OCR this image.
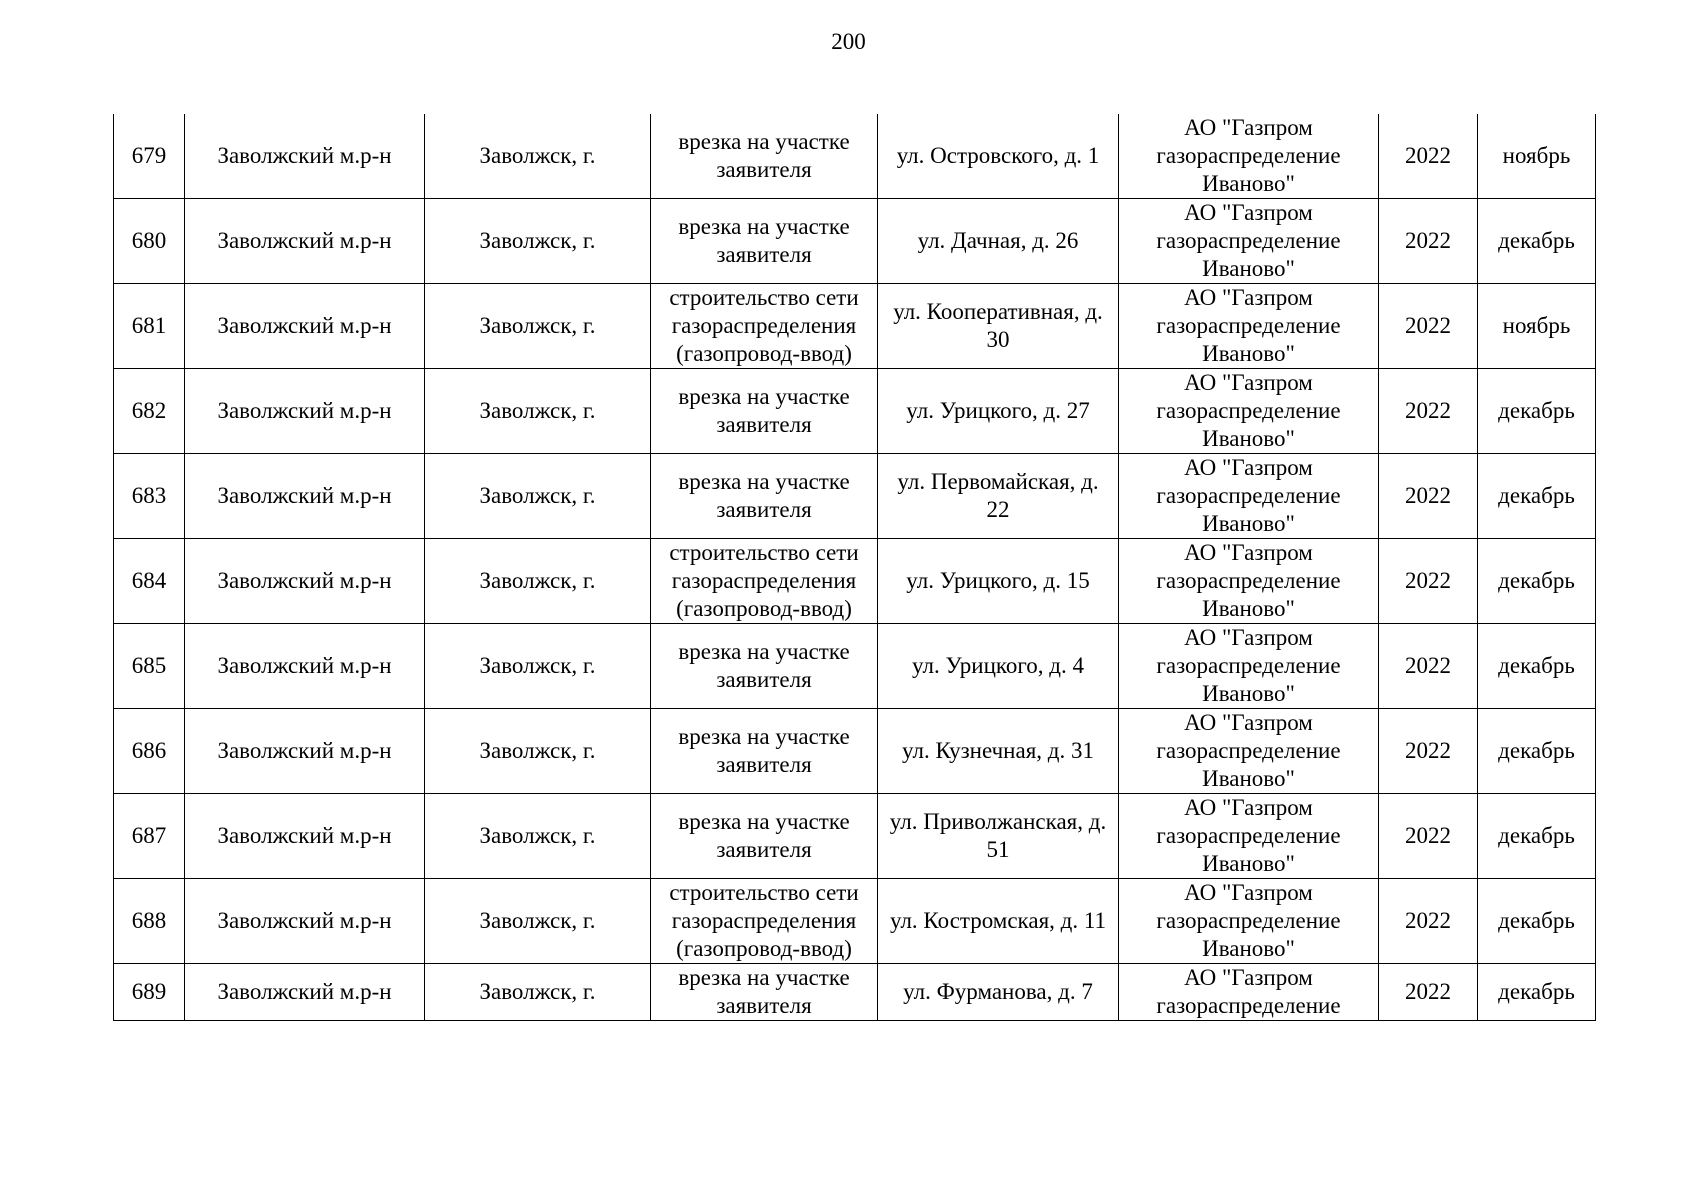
200
679	Заволжский м.р-н	Заволжск, г.	врезка на участке заявителя	ул. Островского, д. 1	АО "Газпром газораспределение Иваново"	2022	ноябрь
680	Заволжский м.р-н	Заволжск, г.	врезка на участке заявителя	ул. Дачная, д. 26	АО "Газпром газораспределение Иваново"	2022	декабрь
681	Заволжский м.р-н	Заволжск, г.	строительство сети газораспределения (газопровод-ввод)	ул. Кооперативная, д. 30	АО "Газпром газораспределение Иваново"	2022	ноябрь
682	Заволжский м.р-н	Заволжск, г.	врезка на участке заявителя	ул. Урицкого, д. 27	АО "Газпром газораспределение Иваново"	2022	декабрь
683	Заволжский м.р-н	Заволжск, г.	врезка на участке заявителя	ул. Первомайская, д. 22	АО "Газпром газораспределение Иваново"	2022	декабрь
684	Заволжский м.р-н	Заволжск, г.	строительство сети газораспределения (газопровод-ввод)	ул. Урицкого, д. 15	АО "Газпром газораспределение Иваново"	2022	декабрь
685	Заволжский м.р-н	Заволжск, г.	врезка на участке заявителя	ул. Урицкого, д. 4	АО "Газпром газораспределение Иваново"	2022	декабрь
686	Заволжский м.р-н	Заволжск, г.	врезка на участке заявителя	ул. Кузнечная, д. 31	АО "Газпром газораспределение Иваново"	2022	декабрь
687	Заволжский м.р-н	Заволжск, г.	врезка на участке заявителя	ул. Приволжанская, д. 51	АО "Газпром газораспределение Иваново"	2022	декабрь
688	Заволжский м.р-н	Заволжск, г.	строительство сети газораспределения (газопровод-ввод)	ул. Костромская, д. 11	АО "Газпром газораспределение Иваново"	2022	декабрь
689	Заволжский м.р-н	Заволжск, г.	врезка на участке заявителя	ул. Фурманова, д. 7	АО "Газпром газораспределение	2022	декабрь
